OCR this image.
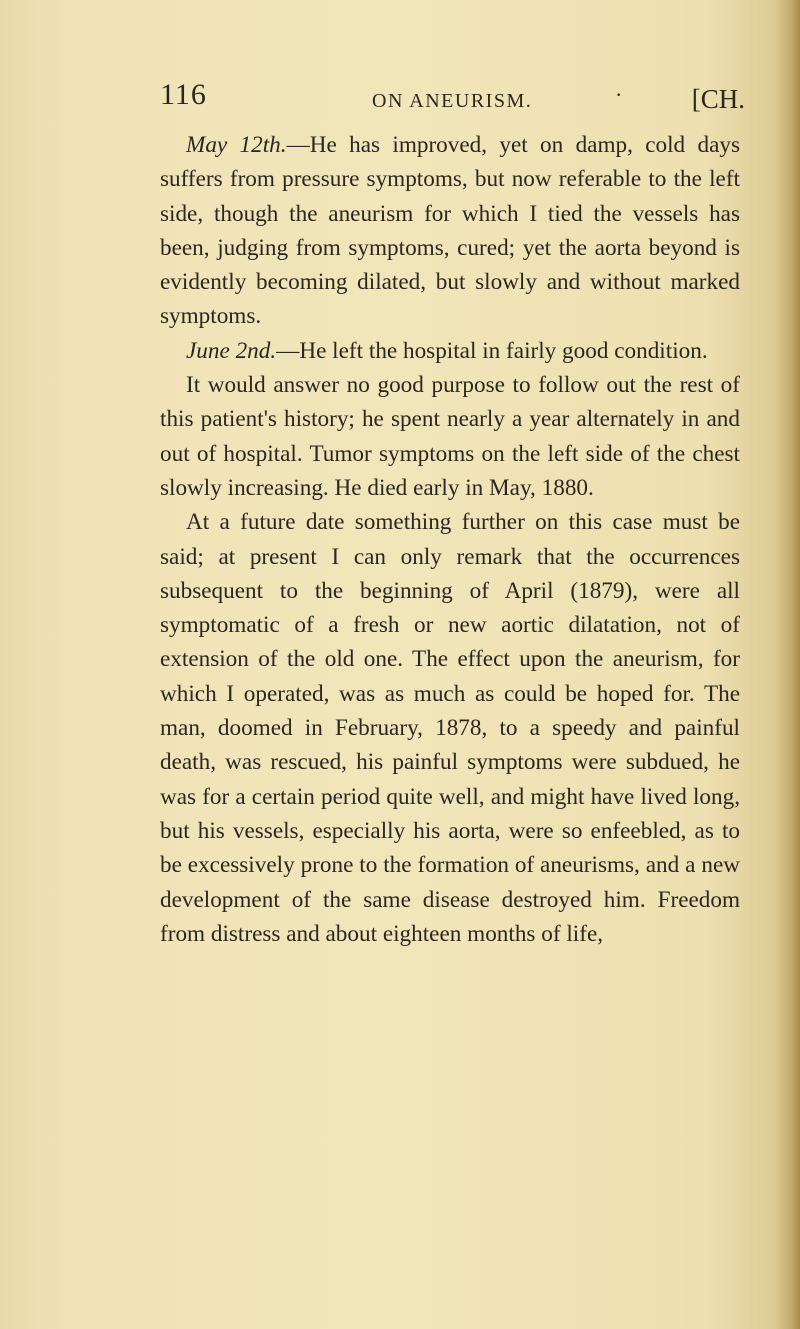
116	ON ANEURISM.	·	[CH.

May 12th.—He has improved, yet on damp, cold days suffers from pressure symptoms, but now referable to the left side, though the aneurism for which I tied the vessels has been, judging from symptoms, cured; yet the aorta beyond is evidently becoming dilated, but slowly and without marked symptoms.

June 2nd.—He left the hospital in fairly good condition.

It would answer no good purpose to follow out the rest of this patient's history; he spent nearly a year alternately in and out of hospital. Tumor symptoms on the left side of the chest slowly increasing. He died early in May, 1880.

At a future date something further on this case must be said; at present I can only remark that the occurrences subsequent to the beginning of April (1879), were all symptomatic of a fresh or new aortic dilatation, not of extension of the old one. The effect upon the aneurism, for which I operated, was as much as could be hoped for. The man, doomed in February, 1878, to a speedy and painful death, was rescued, his painful symptoms were subdued, he was for a certain period quite well, and might have lived long, but his vessels, especially his aorta, were so enfeebled, as to be excessively prone to the formation of aneurisms, and a new development of the same disease destroyed him. Freedom from distress and about eighteen months of life,
